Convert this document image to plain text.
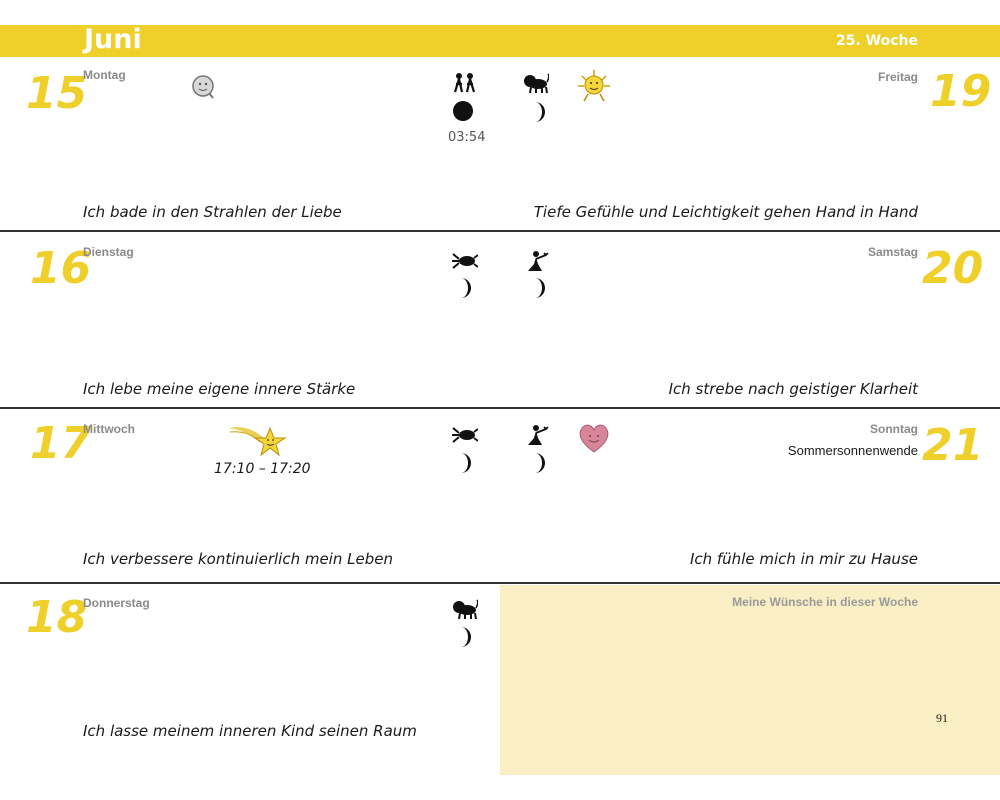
Juni	25. Woche
15
Montag
03:54
Freitag 19
Ich bade in den Strahlen der Liebe	Tiefe Gefühle und Leichtigkeit gehen Hand in Hand
16
Dienstag	Samstag 20
Ich lebe meine eigene innere Stärke	Ich strebe nach geistiger Klarheit
17
Mittwoch
17:10 – 17:20
Sonntag
Sommersonnenwende 21
Ich verbessere kontinuierlich mein Leben	Ich fühle mich in mir zu Hause
18
Donnerstag
Ich lasse meinem inneren Kind seinen Raum
Meine Wünsche in dieser Woche
91
